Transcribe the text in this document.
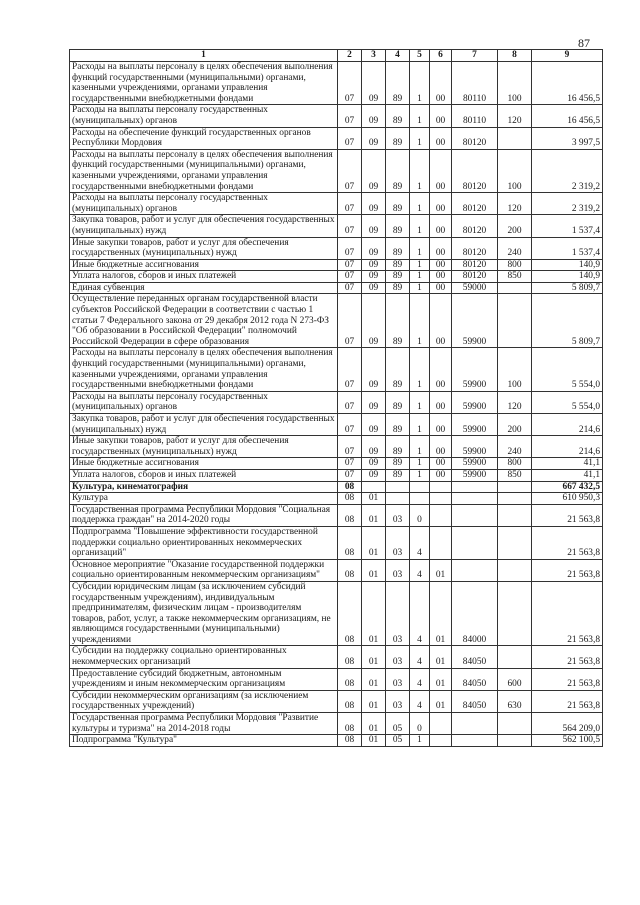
87
1	2	3	4	5	6	7	8	9
Расходы на выплаты персоналу в целях обеспечения выполнения функций государственными (муниципальными) органами, казенными учреждениями, органами управления государственными внебюджетными фондами	07	09	89	1	00	80110	100	16 456,5
Расходы на выплаты персоналу государственных (муниципальных) органов	07	09	89	1	00	80110	120	16 456,5
Расходы на обеспечение функций государственных органов Республики Мордовия	07	09	89	1	00	80120		3 997,5
Расходы на выплаты персоналу в целях обеспечения выполнения функций государственными (муниципальными) органами, казенными учреждениями, органами управления государственными внебюджетными фондами	07	09	89	1	00	80120	100	2 319,2
Расходы на выплаты персоналу государственных (муниципальных) органов	07	09	89	1	00	80120	120	2 319,2
Закупка товаров, работ и услуг для обеспечения государственных (муниципальных) нужд	07	09	89	1	00	80120	200	1 537,4
Иные закупки товаров, работ и услуг для обеспечения государственных (муниципальных) нужд	07	09	89	1	00	80120	240	1 537,4
Иные бюджетные ассигнования	07	09	89	1	00	80120	800	140,9
Уплата налогов, сборов и иных платежей	07	09	89	1	00	80120	850	140,9
Единая субвенция	07	09	89	1	00	59000		5 809,7
Осуществление переданных органам государственной власти субъектов Российской Федерации в соответствии с частью 1 статьи 7 Федерального закона от 29 декабря 2012 года N 273-ФЗ "Об образовании в Российской Федерации" полномочий Российской Федерации в сфере образования	07	09	89	1	00	59900		5 809,7
Расходы на выплаты персоналу в целях обеспечения выполнения функций государственными (муниципальными) органами, казенными учреждениями, органами управления государственными внебюджетными фондами	07	09	89	1	00	59900	100	5 554,0
Расходы на выплаты персоналу государственных (муниципальных) органов	07	09	89	1	00	59900	120	5 554,0
Закупка товаров, работ и услуг для обеспечения государственных (муниципальных) нужд	07	09	89	1	00	59900	200	214,6
Иные закупки товаров, работ и услуг для обеспечения государственных (муниципальных) нужд	07	09	89	1	00	59900	240	214,6
Иные бюджетные ассигнования	07	09	89	1	00	59900	800	41,1
Уплата налогов, сборов и иных платежей	07	09	89	1	00	59900	850	41,1
Культура, кинематография	08							667 432,5
Культура	08	01						610 950,3
Государственная программа Республики Мордовия "Социальная поддержка граждан" на 2014-2020 годы	08	01	03	0				21 563,8
Подпрограмма "Повышение эффективности государственной поддержки социально ориентированных некоммерческих организаций"	08	01	03	4				21 563,8
Основное мероприятие "Оказание государственной поддержки социально ориентированным некоммерческим организациям"	08	01	03	4	01			21 563,8
Субсидии юридическим лицам (за исключением субсидий государственным учреждениям), индивидуальным предпринимателям, физическим лицам - производителям товаров, работ, услуг, а также некоммерческим организациям, не являющимся государственными (муниципальными) учреждениями	08	01	03	4	01	84000		21 563,8
Субсидии на поддержку социально ориентированных некоммерческих организаций	08	01	03	4	01	84050		21 563,8
Предоставление субсидий бюджетным, автономным учреждениям и иным некоммерческим организациям	08	01	03	4	01	84050	600	21 563,8
Субсидии некоммерческим организациям (за исключением государственных учреждений)	08	01	03	4	01	84050	630	21 563,8
Государственная программа Республики Мордовия "Развитие культуры и туризма" на 2014-2018 годы	08	01	05	0				564 209,0
Подпрограмма "Культура"	08	01	05	1				562 100,5
